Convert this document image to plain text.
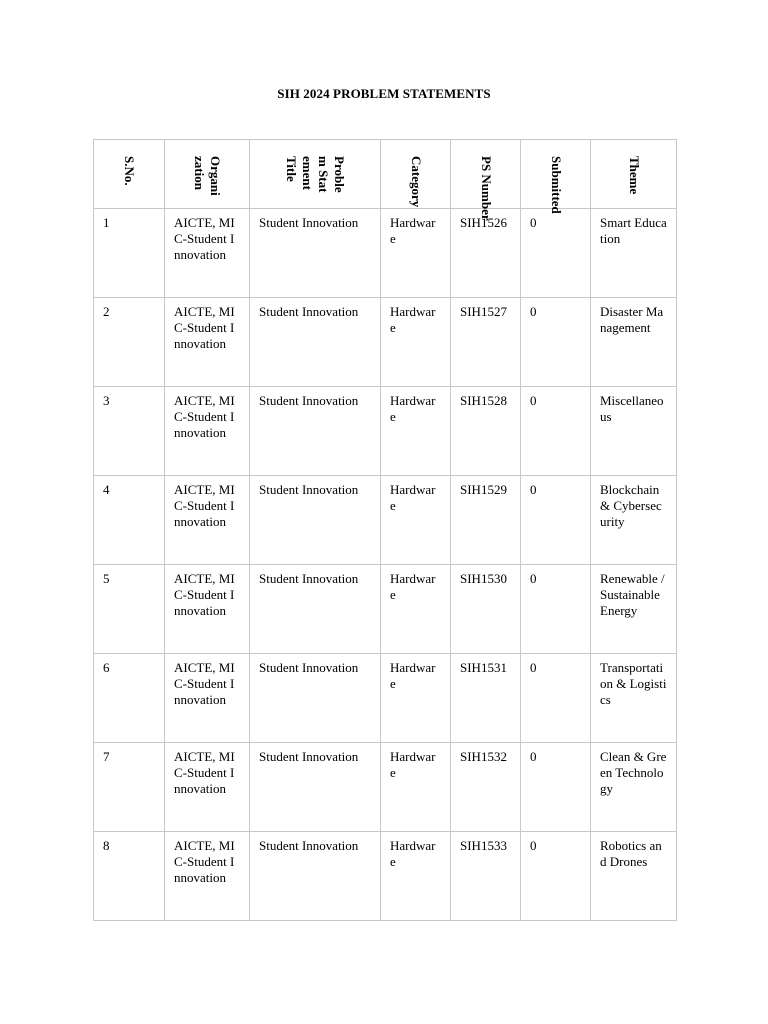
SIH 2024 PROBLEM STATEMENTS
S.No.	Organization	Problem Statement Title	Category	PS Number	Submitted	Theme

1	AICTE, MIC-Student Innovation	Student Innovation	Hardware	SIH1526	0	Smart Education
2	AICTE, MIC-Student Innovation	Student Innovation	Hardware	SIH1527	0	Disaster Management
3	AICTE, MIC-Student Innovation	Student Innovation	Hardware	SIH1528	0	Miscellaneous
4	AICTE, MIC-Student Innovation	Student Innovation	Hardware	SIH1529	0	Blockchain & Cybersecurity
5	AICTE, MIC-Student Innovation	Student Innovation	Hardware	SIH1530	0	Renewable / Sustainable Energy
6	AICTE, MIC-Student Innovation	Student Innovation	Hardware	SIH1531	0	Transportation & Logistics
7	AICTE, MIC-Student Innovation	Student Innovation	Hardware	SIH1532	0	Clean & Green Technology
8	AICTE, MIC-Student Innovation	Student Innovation	Hardware	SIH1533	0	Robotics and Drones
